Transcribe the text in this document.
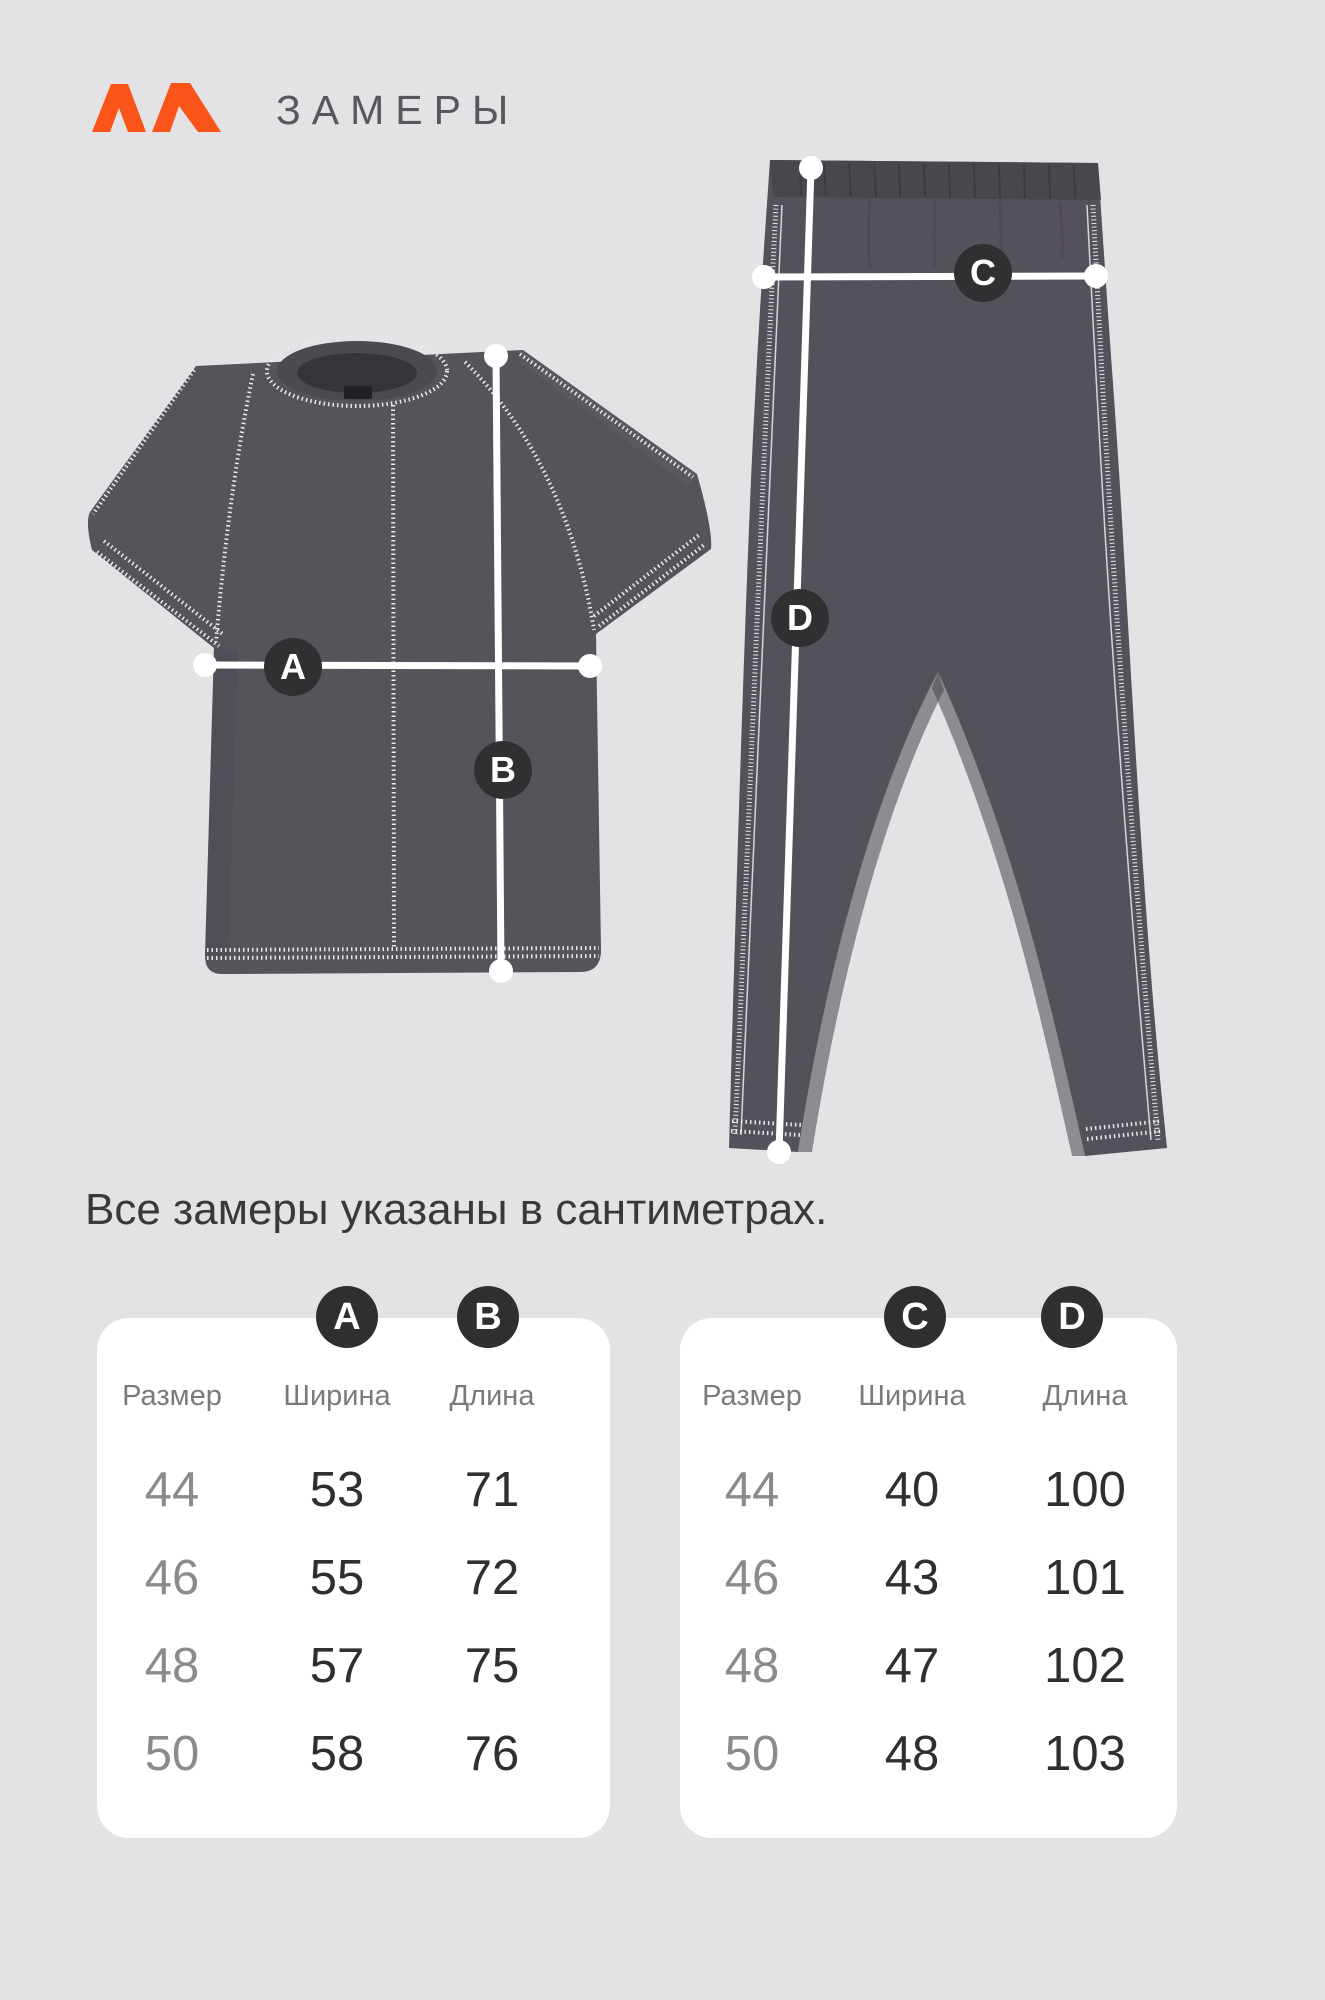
ЗАМЕРЫ
A
B
C
D
Все замеры указаны в сантиметрах.
Размер Ширина Длина
44 53 71
46 55 72
48 57 75
50 58 76
Размер Ширина	Длина
44 40 100
46 43 101
48 47 102
50 48 103
A	B	C	D
